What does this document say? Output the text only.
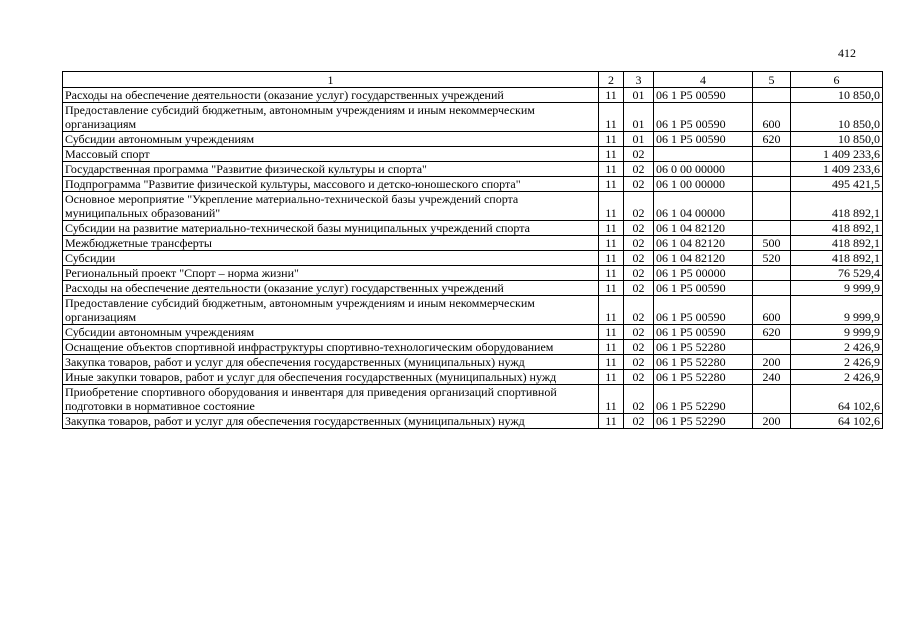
412
1	2	3	4	5	6
Расходы на обеспечение деятельности (оказание услуг) государственных учреждений	11	01	06 1 P5 00590		10 850,0
Предоставление субсидий бюджетным, автономным учреждениям и иным некоммерческим организациям	11	01	06 1 P5 00590	600	10 850,0
Субсидии автономным учреждениям	11	01	06 1 P5 00590	620	10 850,0
Массовый спорт	11	02			1 409 233,6
Государственная программа "Развитие физической культуры и спорта"	11	02	06 0 00 00000		1 409 233,6
Подпрограмма "Развитие физической культуры, массового и детско-юношеского спорта"	11	02	06 1 00 00000		495 421,5
Основное мероприятие "Укрепление материально-технической базы учреждений спорта муниципальных образований"	11	02	06 1 04 00000		418 892,1
Субсидии на развитие материально-технической базы муниципальных учреждений спорта	11	02	06 1 04 82120		418 892,1
Межбюджетные трансферты	11	02	06 1 04 82120	500	418 892,1
Субсидии	11	02	06 1 04 82120	520	418 892,1
Региональный проект "Спорт – норма жизни"	11	02	06 1 P5 00000		76 529,4
Расходы на обеспечение деятельности (оказание услуг) государственных учреждений	11	02	06 1 P5 00590		9 999,9
Предоставление субсидий бюджетным, автономным учреждениям и иным некоммерческим организациям	11	02	06 1 P5 00590	600	9 999,9
Субсидии автономным учреждениям	11	02	06 1 P5 00590	620	9 999,9
Оснащение объектов спортивной инфраструктуры спортивно-технологическим оборудованием	11	02	06 1 P5 52280		2 426,9
Закупка товаров, работ и услуг для обеспечения государственных (муниципальных) нужд	11	02	06 1 P5 52280	200	2 426,9
Иные закупки товаров, работ и услуг для обеспечения государственных (муниципальных) нужд	11	02	06 1 P5 52280	240	2 426,9
Приобретение спортивного оборудования и инвентаря для приведения организаций спортивной подготовки в нормативное состояние	11	02	06 1 P5 52290		64 102,6
Закупка товаров, работ и услуг для обеспечения государственных (муниципальных) нужд	11	02	06 1 P5 52290	200	64 102,6
